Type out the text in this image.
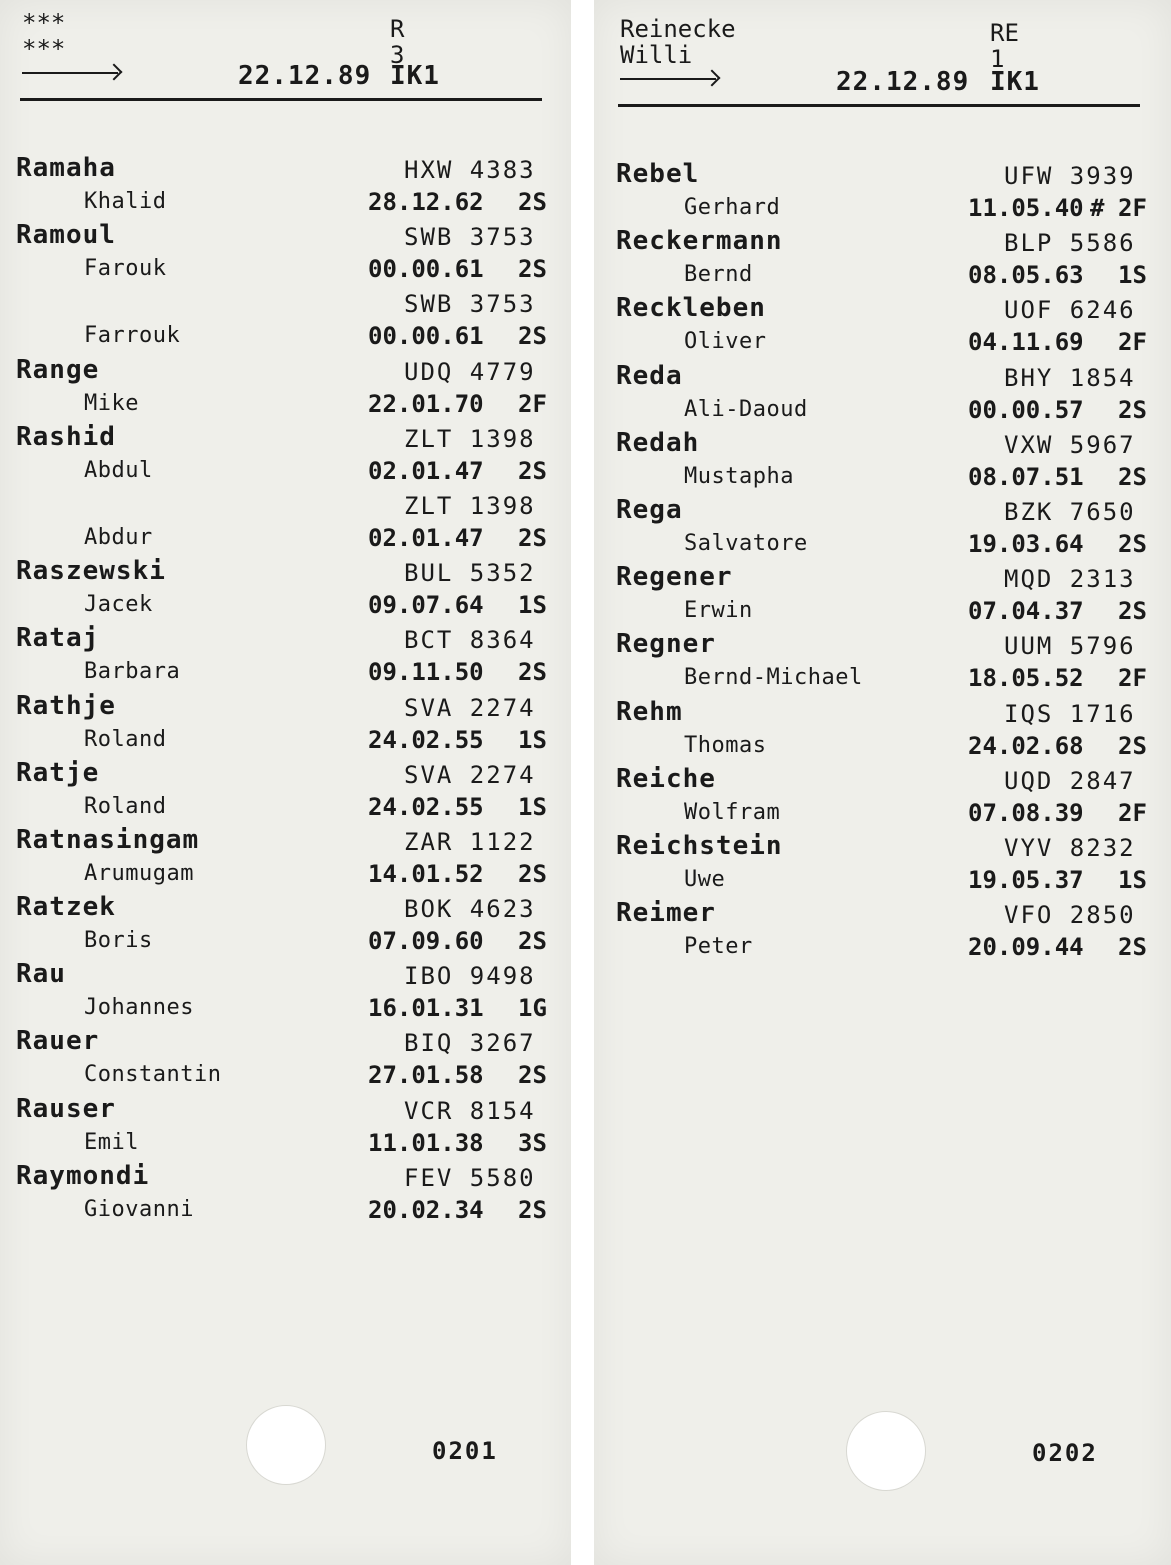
***
***
R
3
22.12.89 IK1
Ramaha	HXW 4383
Khalid	28.12.62 2S
Ramoul	SWB 3753
Farouk	00.00.61 2S
SWB 3753
Farrouk	00.00.61 2S
Range	UDQ 4779
Mike	22.01.70 2F
Rashid	ZLT 1398
Abdul	02.01.47 2S
ZLT 1398
Abdur	02.01.47 2S
Raszewski	BUL 5352
Jacek	09.07.64 1S
Rataj	BCT 8364
Barbara	09.11.50 2S
Rathje	SVA 2274
Roland	24.02.55 1S
Ratje	SVA 2274
Roland	24.02.55 1S
Ratnasingam	ZAR 1122
Arumugam	14.01.52 2S
Ratzek	BOK 4623
Boris	07.09.60 2S
Rau	IBO 9498
Johannes	16.01.31 1G
Rauer	BIQ 3267
Constantin	27.01.58 2S
Rauser	VCR 8154
Emil	11.01.38 3S
Raymondi	FEV 5580
Giovanni	20.02.34 2S
0201
Reinecke
Willi
RE
1
22.12.89 IK1
Rebel	UFW 3939
Gerhard	11.05.40 # 2F
Reckermann	BLP 5586
Bernd	08.05.63 1S
Reckleben	UOF 6246
Oliver	04.11.69 2F
Reda	BHY 1854
Ali-Daoud	00.00.57 2S
Redah	VXW 5967
Mustapha	08.07.51 2S
Rega	BZK 7650
Salvatore	19.03.64 2S
Regener	MQD 2313
Erwin	07.04.37 2S
Regner	UUM 5796
Bernd-Michael	18.05.52 2F
Rehm	IQS 1716
Thomas	24.02.68 2S
Reiche	UQD 2847
Wolfram	07.08.39 2F
Reichstein	VYV 8232
Uwe	19.05.37 1S
Reimer	VFO 2850
Peter	20.09.44 2S
0202
